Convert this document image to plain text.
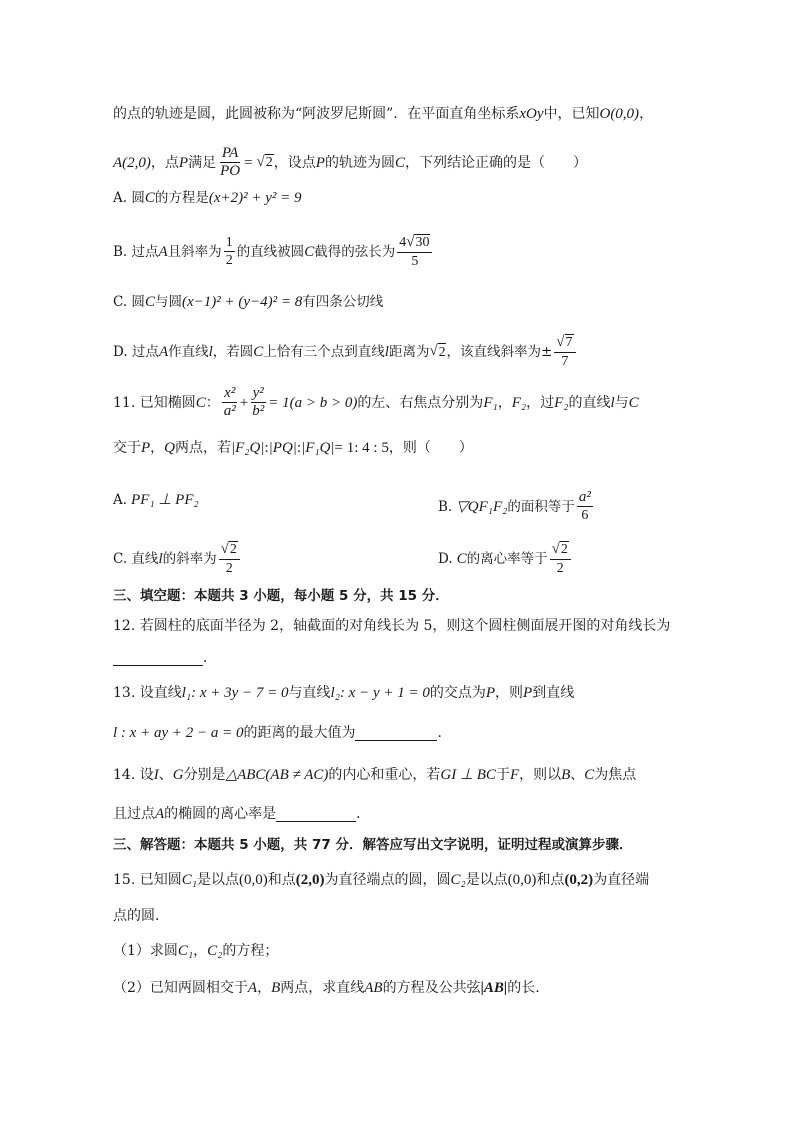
的点的轨迹是圆，此圆被称为“阿波罗尼斯圆”．在平面直角坐标系 xOy 中，已知 O(0,0) ，
A(2,0) ，点 P 满足 $\frac{PA}{PO}$ = √ 2 ，设点 P 的轨迹为圆 C ，下列结论正确的是（　　）
A. 圆 C 的方程是 (x+2)² + y² = 9
B. 过点 A 且斜率为 $\frac{1}{2}$ 的直线被圆 C 截得的弦长为 $\frac{4 √ 30}{5}$
C. 圆 C 与圆 (x−1)² + (y−4)² = 8 有四条公切线
D. 过点 A 作直线 l ，若圆 C 上恰有三个点到直线 l 距离为 √ 2 ，该直线斜率为± $\frac{√ 7}{7}$
11. 已知椭圆 C ： $\frac{\text{x²}}{\text{a²}} + \frac{\text{y²}}{\text{b²}} = 1(a > b > 0)$ 的左、右焦点分别为 F₁ ， F₂ ，过 F₂ 的直线 l 与 C
交于 P ， Q 两点，若 |F₂Q| : |PQ| : |F₁Q| = 1: 4 : 5 ，则（　　）
A. PF₁ ⊥ PF₂	B. ▽QF₁F₂ 的面积等于 $\frac{\text{a²}}{6}$
C. 直线 l 的斜率为 $\frac{√ 2}{2}$	D. C 的离心率等于 $\frac{√ 2}{2}$
三、填空题：本题共 3 小题，每小题 5 分，共 15 分．
12. 若圆柱的底面半径为 2，轴截面的对角线长为 5，则这个圆柱侧面展开图的对角线长为
．
13. 设直线 l₁ : x + 3y − 7 = 0 与直线 l₂ : x − y + 1 = 0 的交点为 P ，则 P 到直线
l : x + ay + 2 − a = 0 的距离的最大值为	．
14. 设 I 、 G 分别是 △ABC(AB ≠ AC) 的内心和重心，若 GI ⊥ BC 于 F ，则以 B 、 C 为焦点
且过点 A 的椭圆的离心率是	．
三、解答题：本题共 5 小题，共 77 分．解答应写出文字说明，证明过程或演算步骤．
15. 已知圆 C₁ 是以点 (0,0) 和点 (2,0) 为直径端点的圆，圆 C₂ 是以点 (0,0) 和点 (0,2) 为直径端
点的圆．
（1）求圆 C₁ ， C₂ 的方程；
（2）已知两圆相交于 A ， B 两点，求直线 AB 的方程及公共弦 |AB| 的长.
